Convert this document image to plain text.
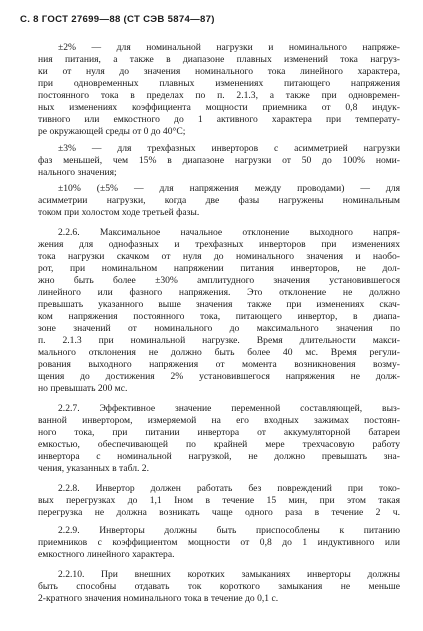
С. 8 ГОСТ 27699—88 (СТ СЭВ 5874—87)
±2% — для номинальной нагрузки и номинального напряже-
ния питания, а также в диапазоне плавных изменений тока нагруз-
ки от нуля до значения номинального тока линейного характера,
при одновременных плавных изменениях питающего напряжения
постоянного тока в пределах по п. 2.1.3, а также при одновремен-
ных изменениях коэффициента мощности приемника от 0,8 индук-
тивного или емкостного до 1 активного характера при температу-
ре окружающей среды от 0 до 40°С;
±3% — для трехфазных инверторов с асимметрией нагрузки
фаз меньшей, чем 15% в диапазоне нагрузки от 50 до 100% номи-
нального значения;
±10% (±5% — для напряжения между проводами) — для
асимметрии нагрузки, когда две фазы нагружены номинальным
током при холостом ходе третьей фазы.
2.2.6. Максимальное начальное отклонение выходного напря-
жения для однофазных и трехфазных инверторов при изменениях
тока нагрузки скачком от нуля до номинального значения и наобо-
рот, при номинальном напряжении питания инверторов, не дол-
жно быть более ±30% амплитудного значения установившегося
линейного или фазного напряжения. Это отклонение не должно
превышать указанного выше значения также при изменениях скач-
ком напряжения постоянного тока, питающего инвертор, в диапа-
зоне значений от номинального до максимального значения по
п. 2.1.3 при номинальной нагрузке. Время длительности макси-
мального отклонения не должно быть более 40 мс. Время регули-
рования выходного напряжения от момента возникновения возму-
щения до достижения 2% установившегося напряжения не долж-
но превышать 200 мс.
2.2.7. Эффективное значение переменной составляющей, выз-
ванной инвертором, измеряемой на его входных зажимах постоян-
ного тока, при питании инвертора от аккумуляторной батареи
емкостью, обеспечивающей по крайней мере трехчасовую работу
инвертора с номинальной нагрузкой, не должно превышать зна-
чения, указанных в табл. 2.
2.2.8. Инвертор должен работать без повреждений при токо-
вых перегрузках до 1,1 Iном в течение 15 мин, при этом такая
перегрузка не должна возникать чаще одного раза в течение 2 ч.
2.2.9. Инверторы должны быть приспособлены к питанию
приемников с коэффициентом мощности от 0,8 до 1 индуктивного или
емкостного линейного характера.
2.2.10. При внешних коротких замыканиях инверторы должны
быть способны отдавать ток короткого замыкания не меньше
2-кратного значения номинального тока в течение до 0,1 с.
